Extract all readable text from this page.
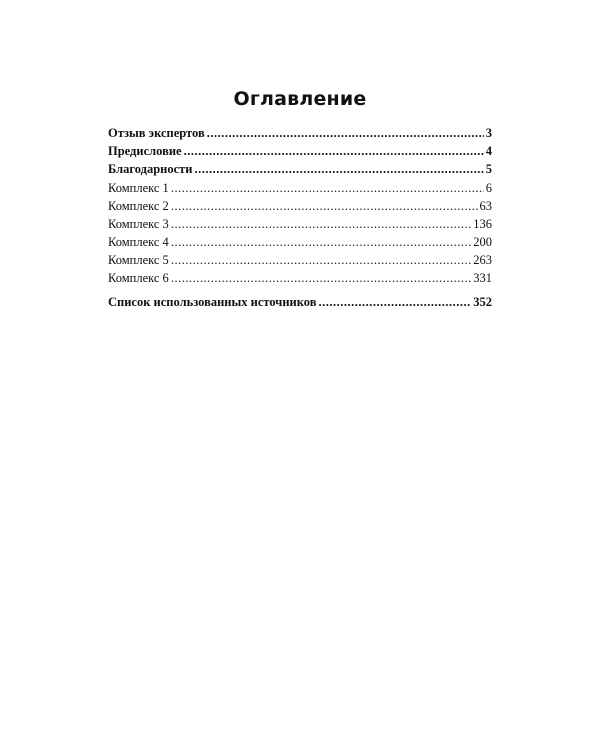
Оглавление
Отзыв экспертов .....	3
Предисловие .....	4
Благодарности .....	5
Комплекс 1 .....	6
Комплекс 2 .....	63
Комплекс 3 .....	136
Комплекс 4 .....	200
Комплекс 5 .....	263
Комплекс 6 .....	331
Список использованных источников .....	352
